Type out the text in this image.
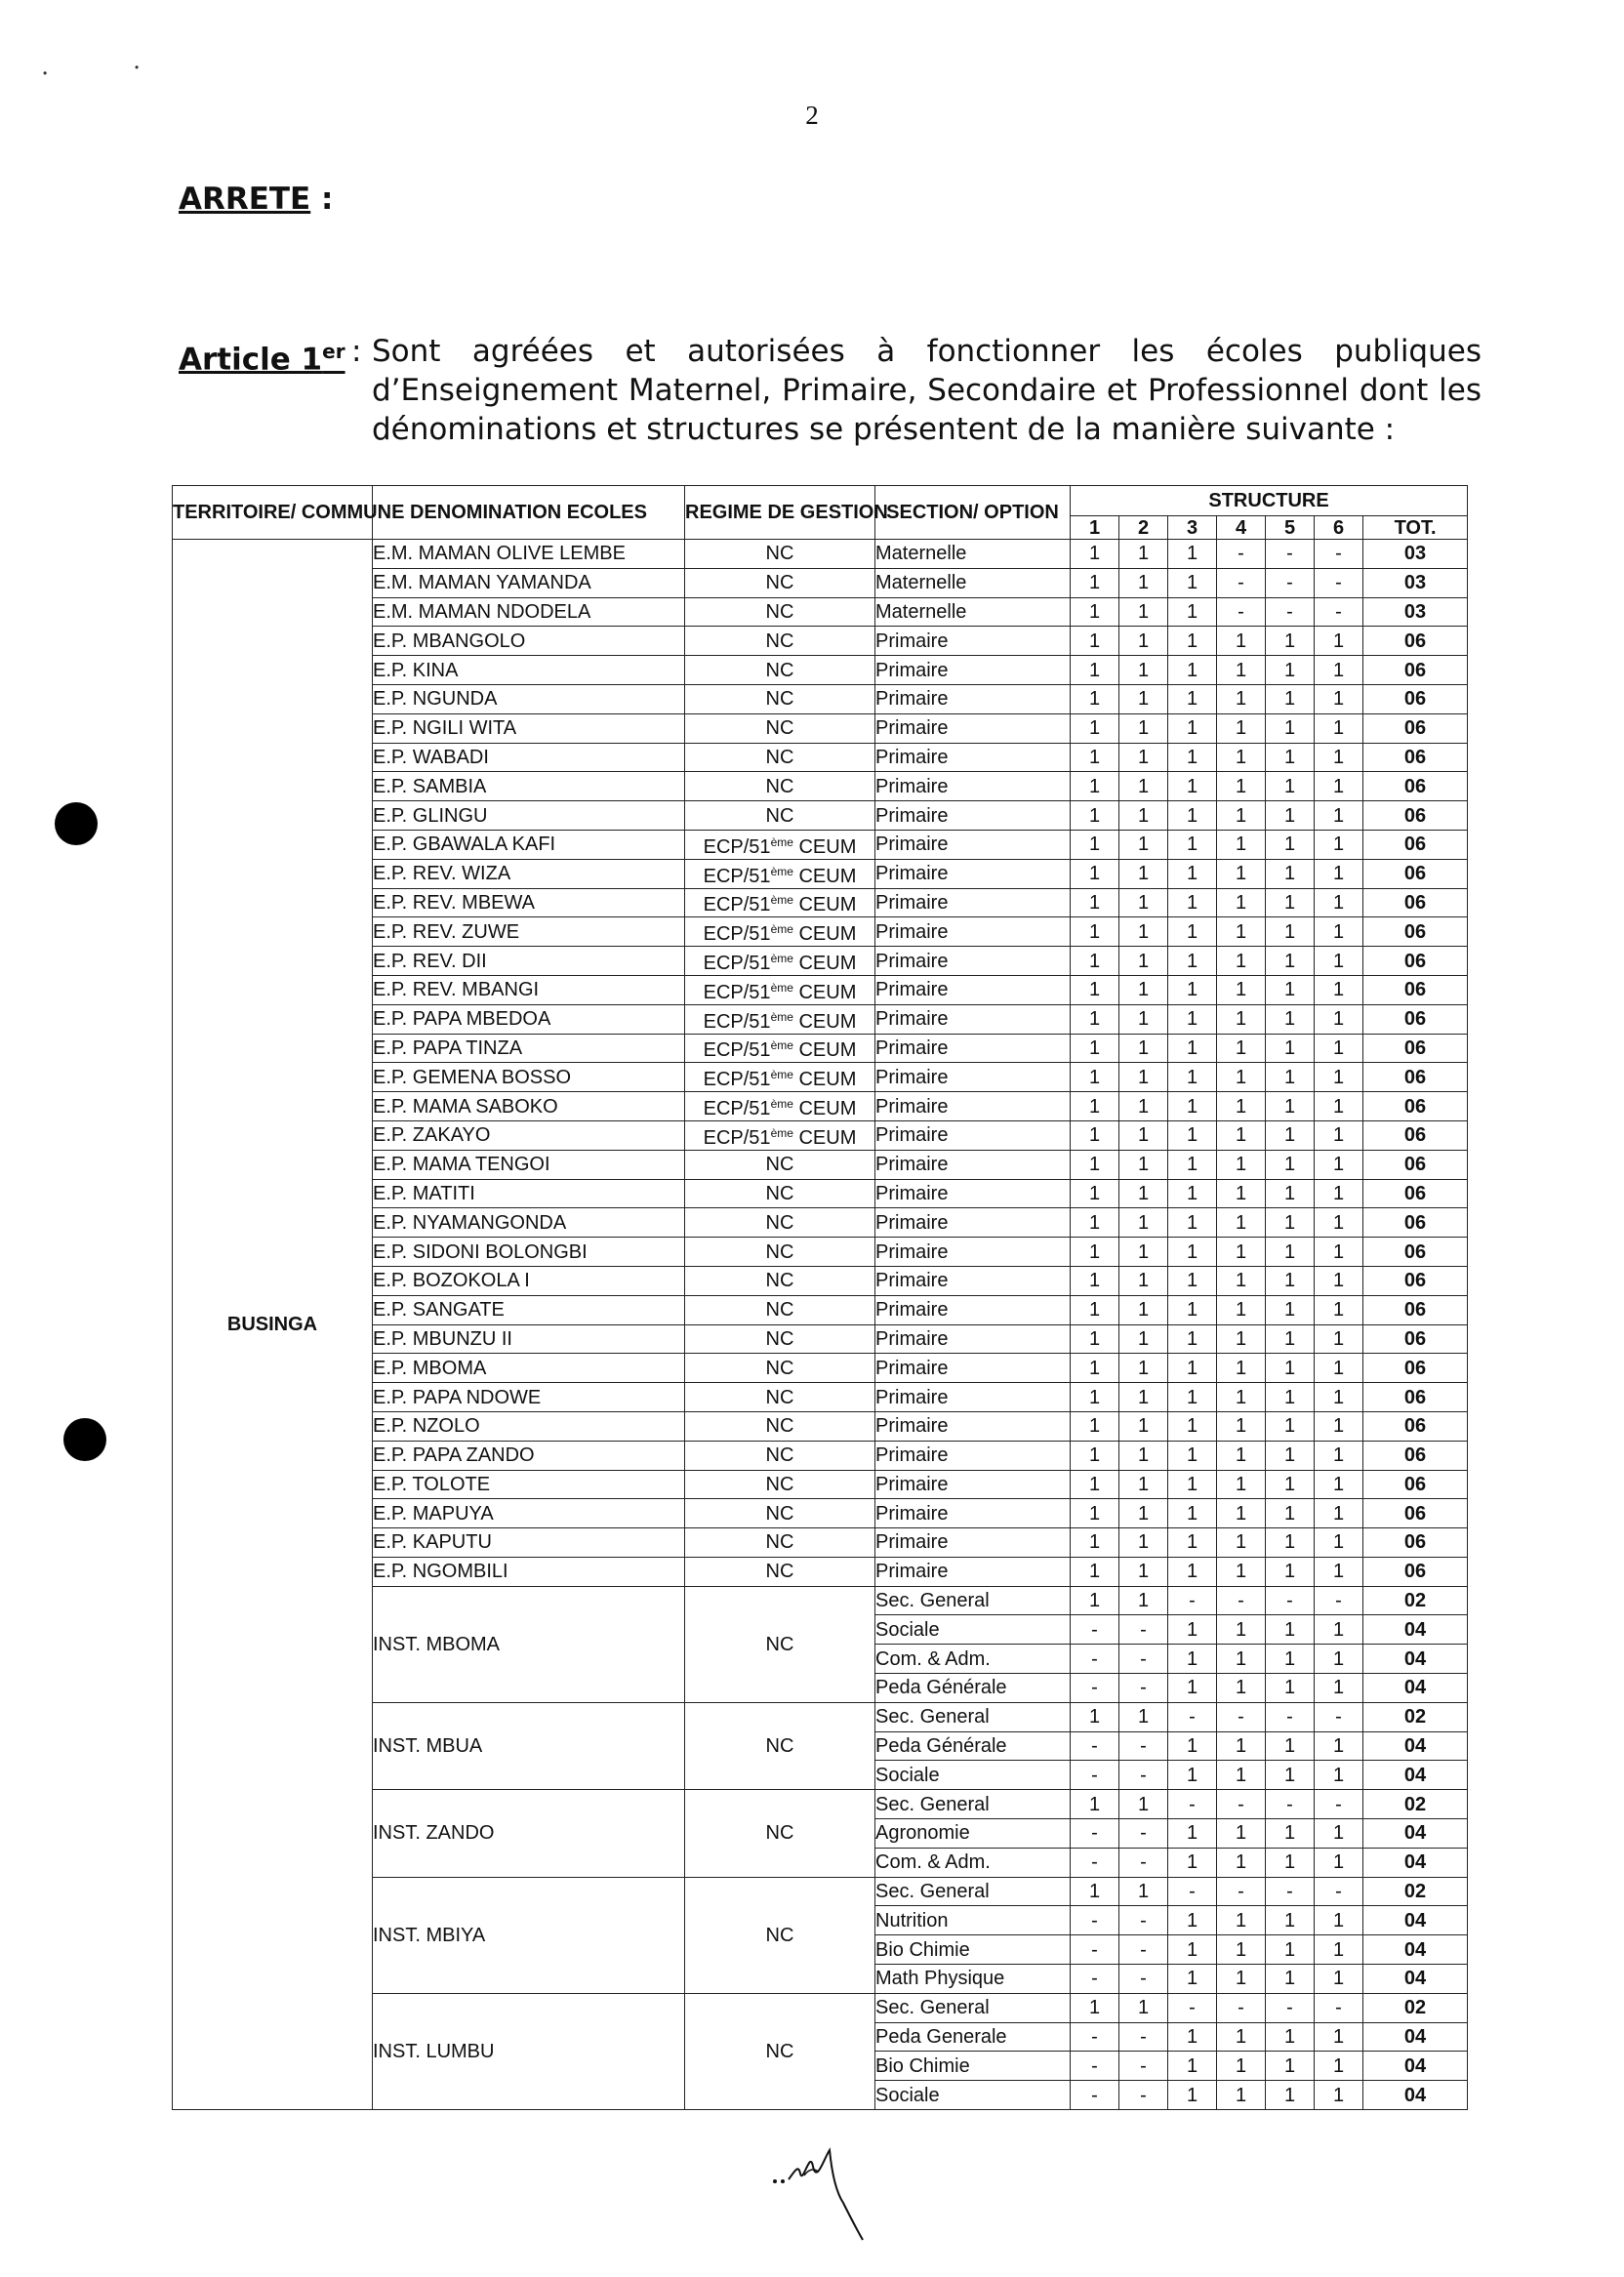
•	•
2
ARRETE :
Article 1er : Sont agréées et autorisées à fonctionner les écoles publiques d’Enseignement Maternel, Primaire, Secondaire et Professionnel dont les dénominations et structures se présentent de la manière suivante :
TERRITOIRE/ COMMUNE	DENOMINATION ECOLES	REGIME DE GESTION	SECTION/ OPTION	STRUCTURE						
				1	2	3	4	5	6	TOT.
BUSINGA	E.M. MAMAN OLIVE LEMBE	NC	Maternelle	1	1	1	-	-	-	03
	E.M. MAMAN YAMANDA	NC	Maternelle	1	1	1	-	-	-	03
	E.M. MAMAN NDODELA	NC	Maternelle	1	1	1	-	-	-	03
	E.P. MBANGOLO	NC	Primaire	1	1	1	1	1	1	06
	E.P. KINA	NC	Primaire	1	1	1	1	1	1	06
	E.P. NGUNDA	NC	Primaire	1	1	1	1	1	1	06
	E.P. NGILI WITA	NC	Primaire	1	1	1	1	1	1	06
	E.P. WABADI	NC	Primaire	1	1	1	1	1	1	06
	E.P. SAMBIA	NC	Primaire	1	1	1	1	1	1	06
	E.P. GLINGU	NC	Primaire	1	1	1	1	1	1	06
	E.P. GBAWALA KAFI	ECP/51ème CEUM	Primaire	1	1	1	1	1	1	06
	E.P. REV. WIZA	ECP/51ème CEUM	Primaire	1	1	1	1	1	1	06
	E.P. REV. MBEWA	ECP/51ème CEUM	Primaire	1	1	1	1	1	1	06
	E.P. REV. ZUWE	ECP/51ème CEUM	Primaire	1	1	1	1	1	1	06
	E.P. REV. DII	ECP/51ème CEUM	Primaire	1	1	1	1	1	1	06
	E.P. REV. MBANGI	ECP/51ème CEUM	Primaire	1	1	1	1	1	1	06
	E.P. PAPA MBEDOA	ECP/51ème CEUM	Primaire	1	1	1	1	1	1	06
	E.P. PAPA TINZA	ECP/51ème CEUM	Primaire	1	1	1	1	1	1	06
	E.P. GEMENA BOSSO	ECP/51ème CEUM	Primaire	1	1	1	1	1	1	06
	E.P. MAMA SABOKO	ECP/51ème CEUM	Primaire	1	1	1	1	1	1	06
	E.P. ZAKAYO	ECP/51ème CEUM	Primaire	1	1	1	1	1	1	06
	E.P. MAMA TENGOI	NC	Primaire	1	1	1	1	1	1	06
	E.P. MATITI	NC	Primaire	1	1	1	1	1	1	06
	E.P. NYAMANGONDA	NC	Primaire	1	1	1	1	1	1	06
	E.P. SIDONI BOLONGBI	NC	Primaire	1	1	1	1	1	1	06
	E.P. BOZOKOLA I	NC	Primaire	1	1	1	1	1	1	06
	E.P. SANGATE	NC	Primaire	1	1	1	1	1	1	06
	E.P. MBUNZU II	NC	Primaire	1	1	1	1	1	1	06
	E.P. MBOMA	NC	Primaire	1	1	1	1	1	1	06
	E.P. PAPA NDOWE	NC	Primaire	1	1	1	1	1	1	06
	E.P. NZOLO	NC	Primaire	1	1	1	1	1	1	06
	E.P. PAPA ZANDO	NC	Primaire	1	1	1	1	1	1	06
	E.P. TOLOTE	NC	Primaire	1	1	1	1	1	1	06
	E.P. MAPUYA	NC	Primaire	1	1	1	1	1	1	06
	E.P. KAPUTU	NC	Primaire	1	1	1	1	1	1	06
	E.P. NGOMBILI	NC	Primaire	1	1	1	1	1	1	06
	INST. MBOMA	NC	Sec. General	1	1	-	-	-	-	02
			Sociale	-	-	1	1	1	1	04
			Com. & Adm.	-	-	1	1	1	1	04
			Peda Générale	-	-	1	1	1	1	04
	INST. MBUA	NC	Sec. General	1	1	-	-	-	-	02
			Peda Générale	-	-	1	1	1	1	04
			Sociale	-	-	1	1	1	1	04
	INST. ZANDO	NC	Sec. General	1	1	-	-	-	-	02
			Agronomie	-	-	1	1	1	1	04
			Com. & Adm.	-	-	1	1	1	1	04
	INST. MBIYA	NC	Sec. General	1	1	-	-	-	-	02
			Nutrition	-	-	1	1	1	1	04
			Bio Chimie	-	-	1	1	1	1	04
			Math Physique	-	-	1	1	1	1	04
	INST. LUMBU	NC	Sec. General	1	1	-	-	-	-	02
			Peda Generale	-	-	1	1	1	1	04
			Bio Chimie	-	-	1	1	1	1	04
			Sociale	-	-	1	1	1	1	04
